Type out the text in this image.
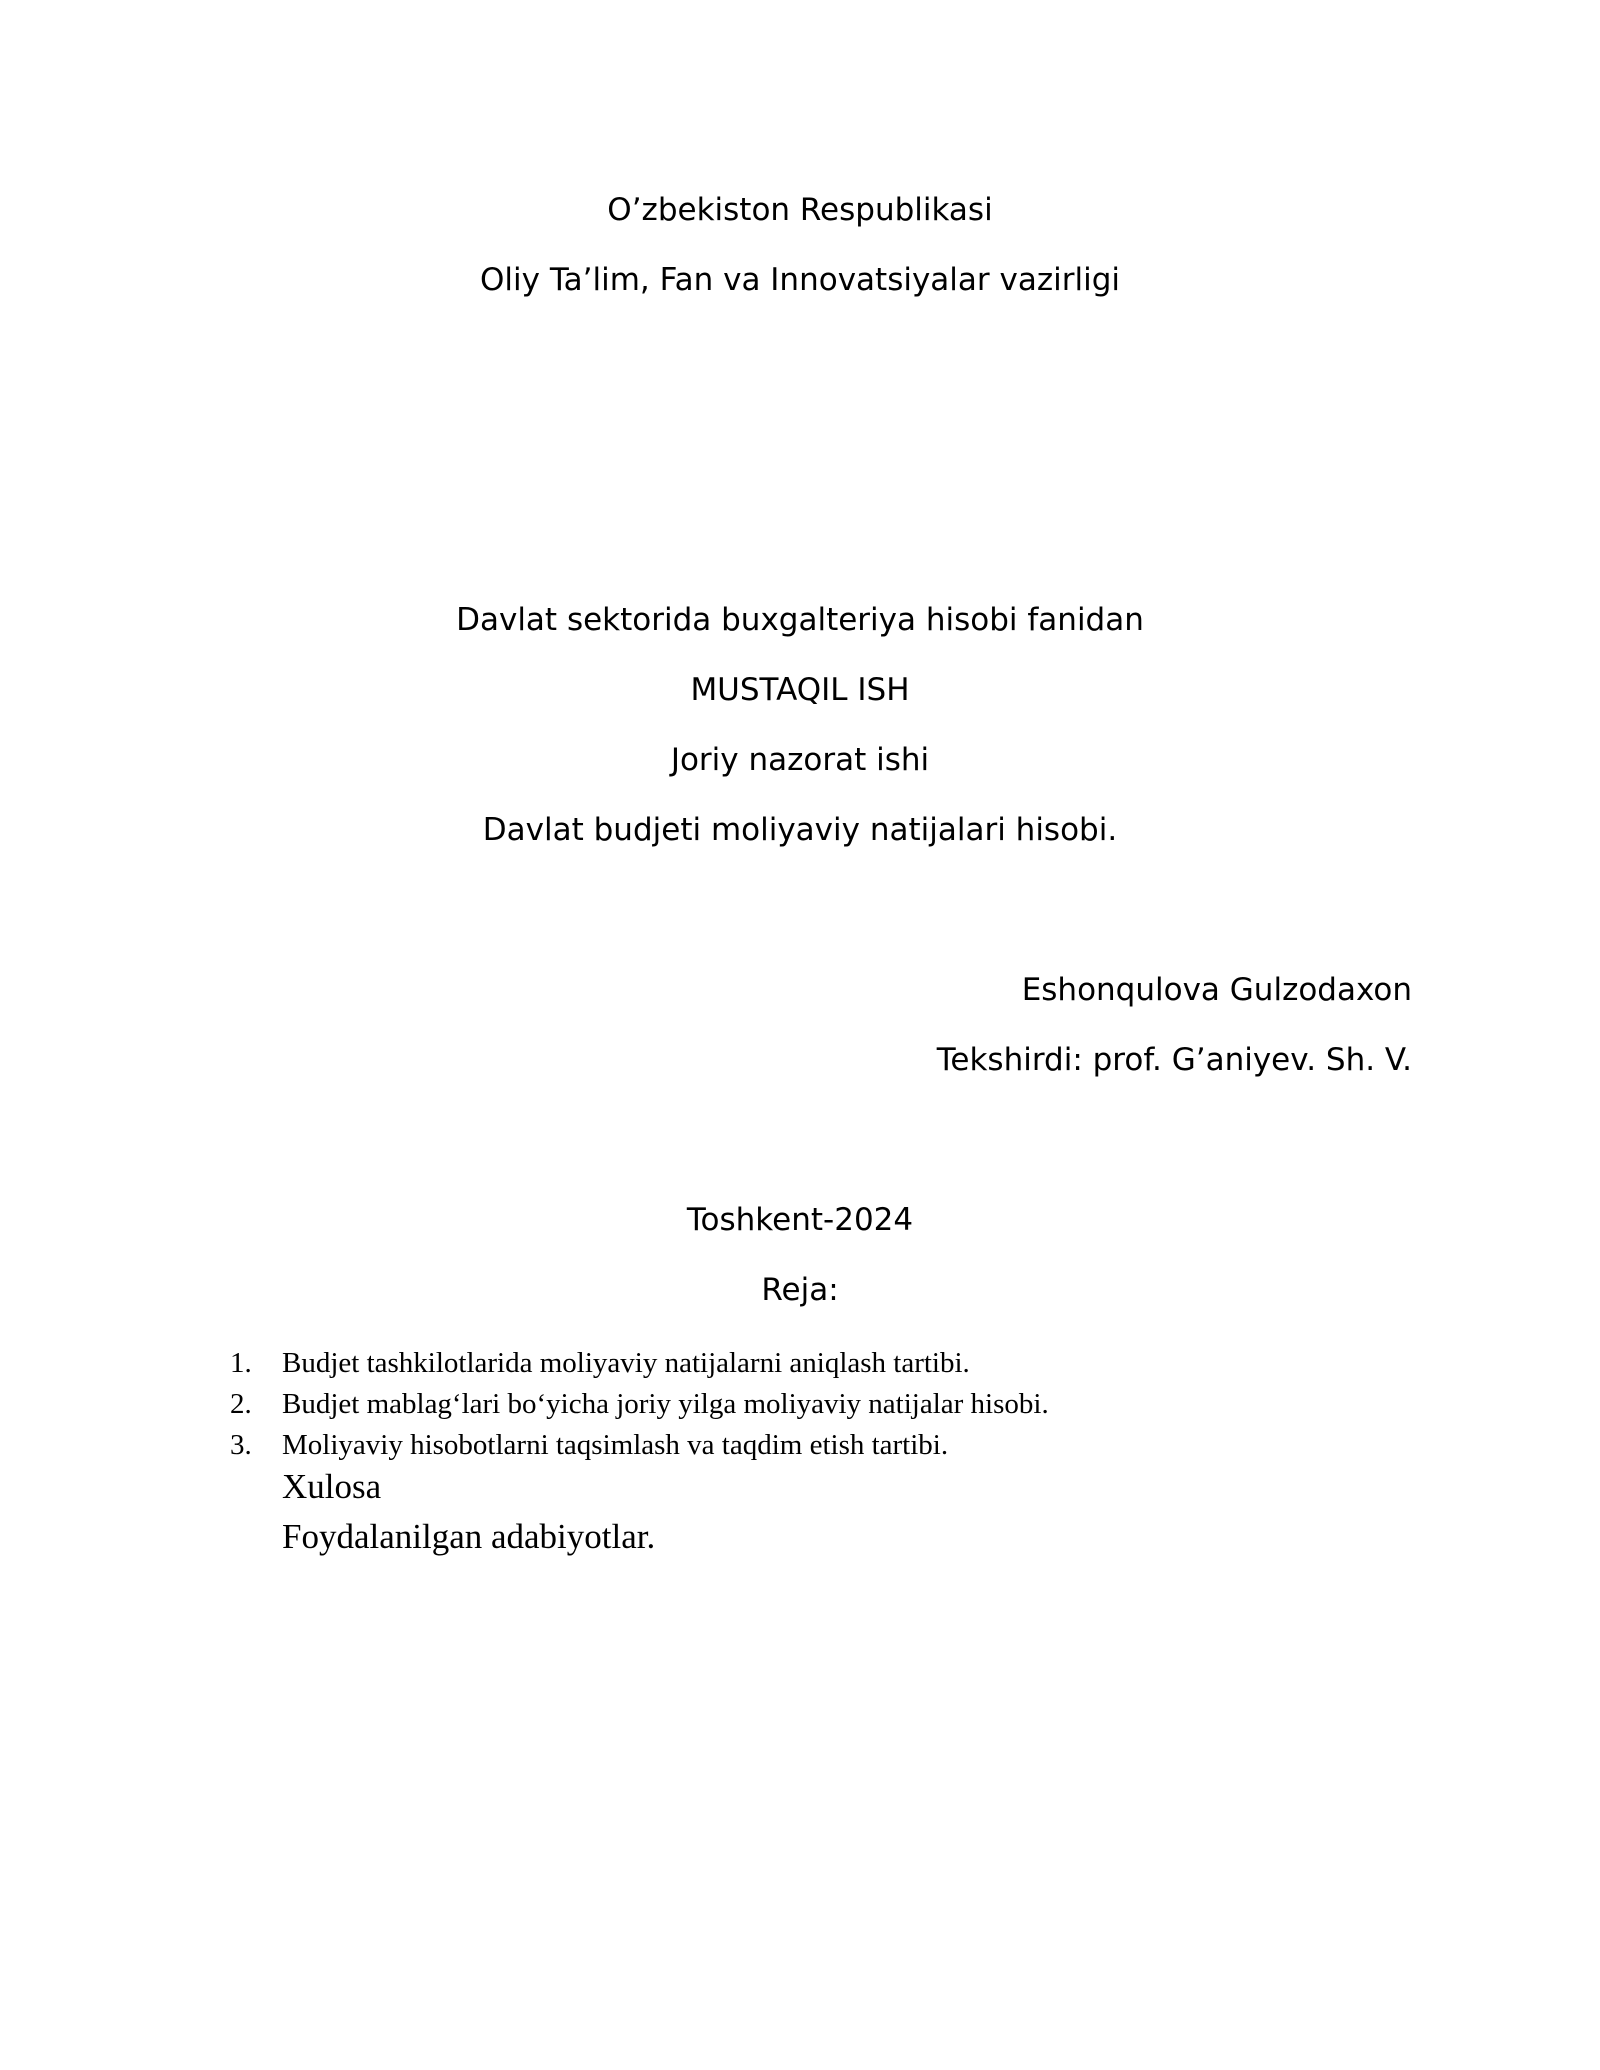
O’zbekiston Respublikasi

Oliy Ta’lim, Fan va Innovatsiyalar vazirligi

Davlat sektorida buxgalteriya hisobi fanidan

MUSTAQIL ISH

Joriy nazorat ishi

Davlat budjeti moliyaviy natijalari hisobi.

Eshonqulova Gulzodaxon

Tekshirdi: prof. G’aniyev. Sh. V.

Toshkent-2024

Reja:

1.	Budjet tashkilotlarida moliyaviy natijalarni aniqlash tartibi.
2.	Budjet mablag‘lari bo‘yicha joriy yilga moliyaviy natijalar hisobi.
3.	Moliyaviy hisobotlarni taqsimlash va taqdim etish tartibi.

Xulosa

Foydalanilgan adabiyotlar.
